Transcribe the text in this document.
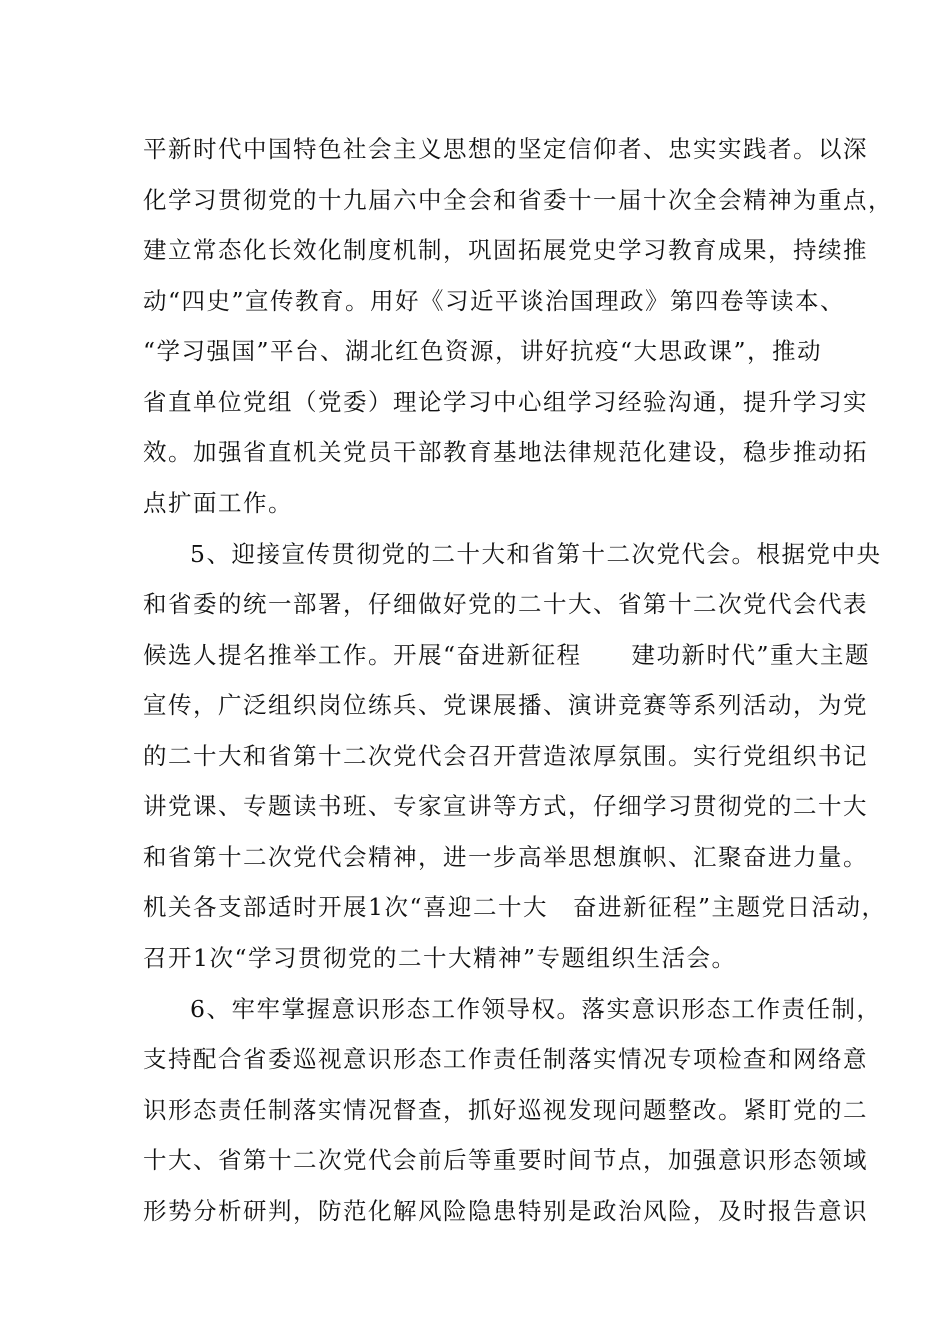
平新时代中国特色社会主义思想的坚定信仰者、忠实实践者。以深
化学习贯彻党的十九届六中全会和省委十一届十次全会精神为重点，
建立常态化长效化制度机制，巩固拓展党史学习教育成果，持续推
动“四史”宣传教育。用好《习近平谈治国理政》第四卷等读本、
“学习强国”平台、湖北红色资源，讲好抗疫“大思政课”，推动
省直单位党组（党委）理论学习中心组学习经验沟通，提升学习实
效。加强省直机关党员干部教育基地法律规范化建设，稳步推动拓
点扩面工作。
5、迎接宣传贯彻党的二十大和省第十二次党代会。根据党中央
和省委的统一部署，仔细做好党的二十大、省第十二次党代会代表
候选人提名推举工作。开展“奋进新征程　　建功新时代”重大主题
宣传，广泛组织岗位练兵、党课展播、演讲竞赛等系列活动，为党
的二十大和省第十二次党代会召开营造浓厚氛围。实行党组织书记
讲党课、专题读书班、专家宣讲等方式，仔细学习贯彻党的二十大
和省第十二次党代会精神，进一步高举思想旗帜、汇聚奋进力量。
机关各支部适时开展1次“喜迎二十大　奋进新征程”主题党日活动，
召开1次“学习贯彻党的二十大精神”专题组织生活会。
6、牢牢掌握意识形态工作领导权。落实意识形态工作责任制，
支持配合省委巡视意识形态工作责任制落实情况专项检查和网络意
识形态责任制落实情况督查，抓好巡视发现问题整改。紧盯党的二
十大、省第十二次党代会前后等重要时间节点，加强意识形态领域
形势分析研判，防范化解风险隐患特别是政治风险，及时报告意识
